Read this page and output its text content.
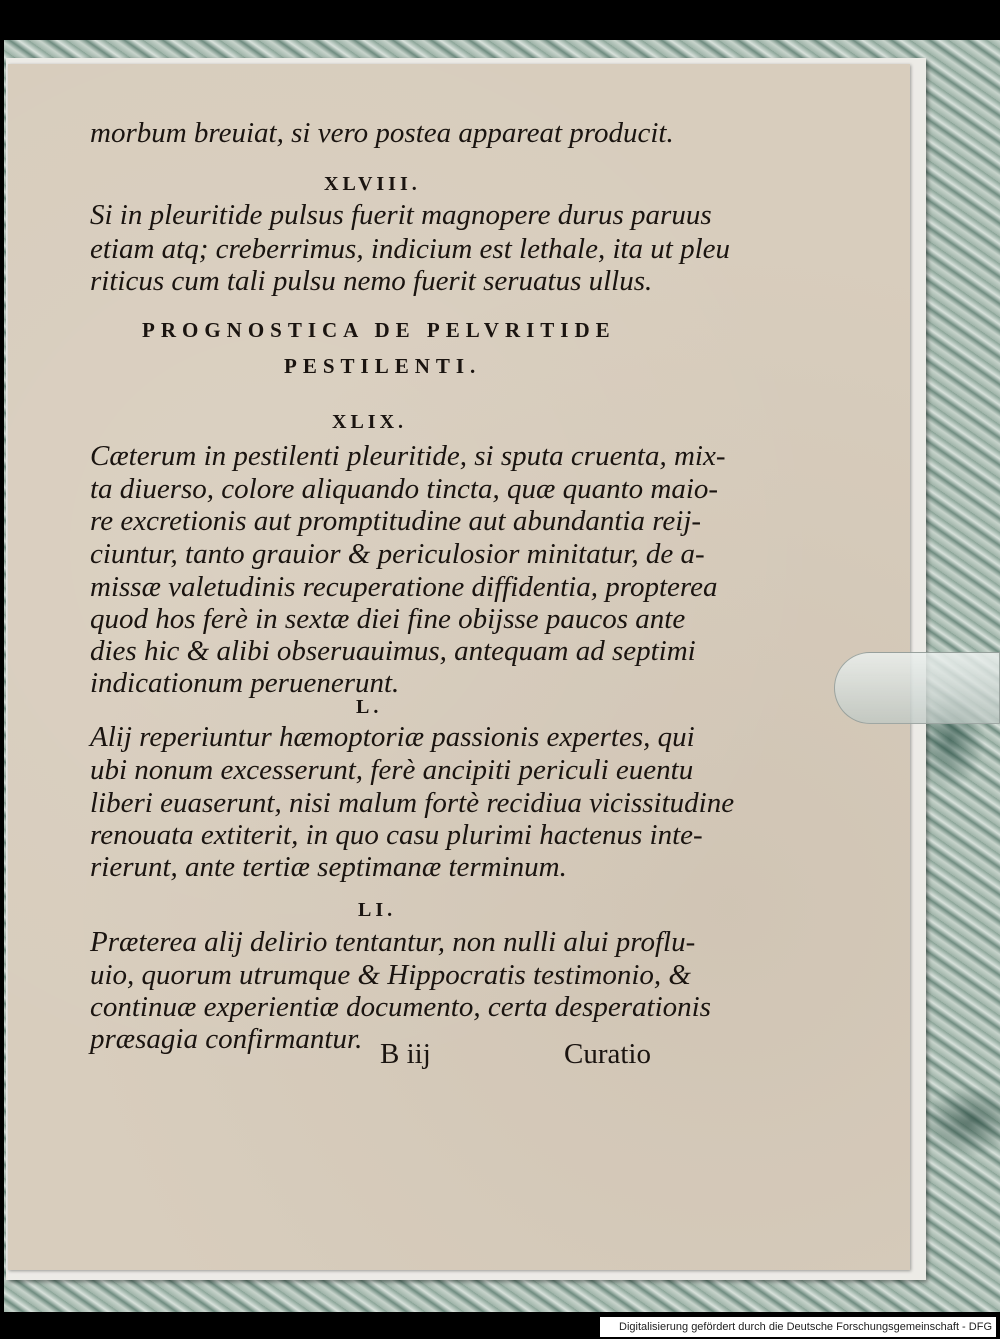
morbum breuiat, si vero postea appareat producit.
XLVIII.
Si in pleuritide pulsus fuerit magnopere durus paruus
etiam atq; creberrimus, indicium est lethale, ita ut pleu
riticus cum tali pulsu nemo fuerit seruatus ullus.
PROGNOSTICA DE PELVRITIDE
PESTILENTI.
XLIX.
Cæterum in pestilenti pleuritide, si sputa cruenta, mix-
ta diuerso, colore aliquando tincta, quæ quanto maio-
re excretionis aut promptitudine aut abundantia reij-
ciuntur, tanto grauior & periculosior minitatur, de a-
missæ valetudinis recuperatione diffidentia, propterea
quod hos ferè in sextæ diei fine obijsse paucos ante
dies hic & alibi obseruauimus, antequam ad septimi
indicationum peruenerunt.
L.
Alij reperiuntur hæmoptoriæ passionis expertes, qui
ubi nonum excesserunt, ferè ancipiti periculi euentu
liberi euaserunt, nisi malum fortè recidiua vicissitudine
renouata extiterit, in quo casu plurimi hactenus inte-
rierunt, ante tertiæ septimanæ terminum.
LI.
Præterea alij delirio tentantur, non nulli alui proflu-
uio, quorum utrumque & Hippocratis testimonio, &
continuæ experientiæ documento, certa desperationis
præsagia confirmantur. B iij	Curatio
Digitalisierung gefördert durch die Deutsche Forschungsgemeinschaft - DFG
